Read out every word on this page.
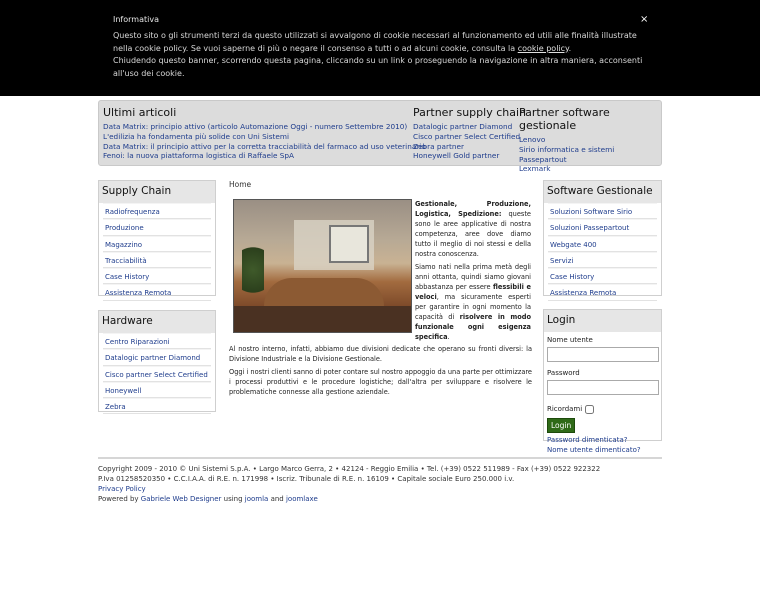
Informativa
Questo sito o gli strumenti terzi da questo utilizzati si avvalgono di cookie necessari al funzionamento ed utili alle finalità illustrate nella cookie policy. Se vuoi saperne di più o negare il consenso a tutti o ad alcuni cookie, consulta la cookie policy.
Chiudendo questo banner, scorrendo questa pagina, cliccando su un link o proseguendo la navigazione in altra maniera, acconsenti all'uso dei cookie.
×
Ultimi articoli
Data Matrix: principio attivo (articolo Automazione Oggi - numero Settembre 2010)
L'edilizia ha fondamenta più solide con Uni Sistemi
Data Matrix: il principio attivo per la corretta tracciabilità del farmaco ad uso veterinario
Fenoi: la nuova piattaforma logistica di Raffaele SpA
Partner supply chain
Datalogic partner Diamond
Cisco partner Select Certified
Zebra partner
Honeywell Gold partner
Partner software gestionale
Lenovo
Sirio informatica e sistemi
Passepartout
Lexmark
Supply Chain
Radiofrequenza
Produzione
Magazzino
Tracciabilità
Case History
Assistenza Remota
Hardware
Centro Riparazioni
Datalogic partner Diamond
Cisco partner Select Certified
Honeywell
Zebra
Home

Gestionale, Produzione, Logistica, Spedizione: queste sono le aree applicative di nostra competenza, aree dove diamo tutto il meglio di noi stessi e della nostra conoscenza.

Siamo nati nella prima metà degli anni ottanta, quindi siamo giovani abbastanza per essere flessibili e veloci, ma sicuramente esperti per garantire in ogni momento la capacità di risolvere in modo funzionale ogni esigenza specifica.

Al nostro interno, infatti, abbiamo due divisioni dedicate che operano su fronti diversi: la Divisione Industriale e la Divisione Gestionale.

Oggi i nostri clienti sanno di poter contare sul nostro appoggio da una parte per ottimizzare i processi produttivi e le procedure logistiche; dall'altra per sviluppare e risolvere le problematiche connesse alla gestione aziendale.

Software Gestionale
Soluzioni Software Sirio
Soluzioni Passepartout
Webgate 400
Servizi
Case History
Assistenza Remota
Login
Nome utente
Password
Ricordami
Login
Password dimenticata?
Nome utente dimenticato?
Copyright 2009 - 2010 © Uni Sistemi S.p.A. • Largo Marco Gerra, 2 • 42124 - Reggio Emilia • Tel. (+39) 0522 511989 - Fax (+39) 0522 922322
P.Iva 01258520350 • C.C.I.A.A. di R.E. n. 171998 • Iscriz. Tribunale di R.E. n. 16109 • Capitale sociale Euro 250.000 i.v.
Privacy Policy
Powered by Gabriele Web Designer using joomla and joomlaxe
